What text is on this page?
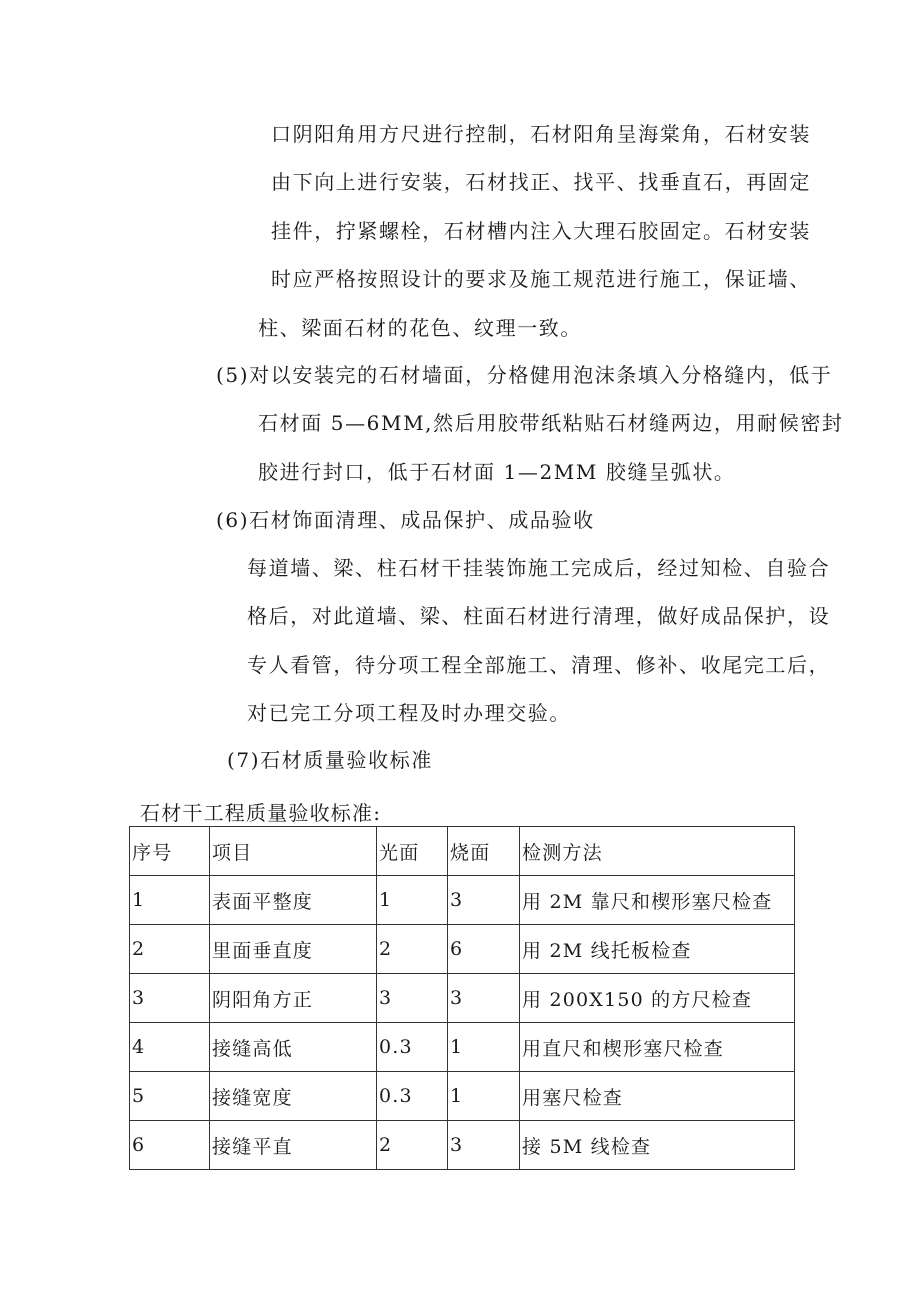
口阴阳角用方尺进行控制，石材阳角呈海棠角，石材安装
由下向上进行安装，石材找正、找平、找垂直石，再固定
挂件，拧紧螺栓，石材槽内注入大理石胶固定。石材安装
时应严格按照设计的要求及施工规范进行施工，保证墙、
柱、梁面石材的花色、纹理一致。
(5)对以安装完的石材墙面，分格健用泡沫条填入分格缝内，低于
石材面 5—6MM,然后用胶带纸粘贴石材缝两边，用耐候密封
胶进行封口，低于石材面 1—2MM 胶缝呈弧状。
(6)石材饰面清理、成品保护、成品验收
每道墙、梁、柱石材干挂装饰施工完成后，经过知检、自验合
格后，对此道墙、梁、柱面石材进行清理，做好成品保护，设
专人看管，待分项工程全部施工、清理、修补、收尾完工后，
对已完工分项工程及时办理交验。
(7)石材质量验收标准
石材干工程质量验收标准:
序号	项目	光面	烧面	检测方法
1	表面平整度	1	3	用 2M 靠尺和楔形塞尺检查
2	里面垂直度	2	6	用 2M 线托板检查
3	阴阳角方正	3	3	用 200X150 的方尺检查
4	接缝高低	0.3	1	用直尺和楔形塞尺检查
5	接缝宽度	0.3	1	用塞尺检查
6	接缝平直	2	3	接 5M 线检查
